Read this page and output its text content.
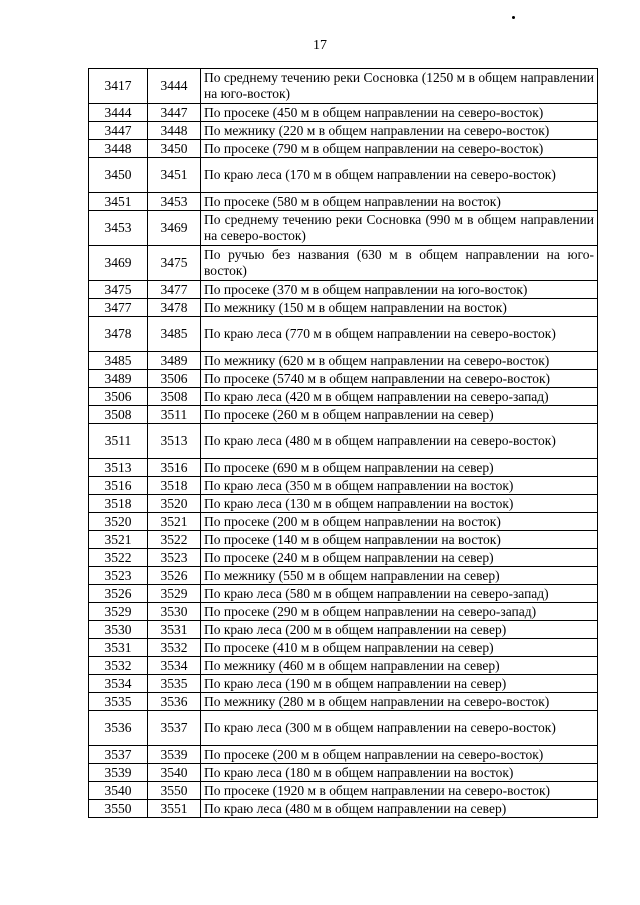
17
3417	3444	По среднему течению реки Сосновка (1250 м в общем направлении на юго-восток)
3444	3447	По просеке (450 м в общем направлении на северо-восток)
3447	3448	По межнику (220 м в общем направлении на северо-восток)
3448	3450	По просеке (790 м в общем направлении на северо-восток)
3450	3451	По краю леса (170 м в общем направлении на северо-восток)
3451	3453	По просеке (580 м в общем направлении на восток)
3453	3469	По среднему течению реки Сосновка (990 м в общем направлении на северо-восток)
3469	3475	По ручью без названия (630 м в общем направлении на юго-восток)
3475	3477	По просеке (370 м в общем направлении на юго-восток)
3477	3478	По межнику (150 м в общем направлении на восток)
3478	3485	По краю леса (770 м в общем направлении на северо-восток)
3485	3489	По межнику (620 м в общем направлении на северо-восток)
3489	3506	По просеке (5740 м в общем направлении на северо-восток)
3506	3508	По краю леса (420 м в общем направлении на северо-запад)
3508	3511	По просеке (260 м в общем направлении на север)
3511	3513	По краю леса (480 м в общем направлении на северо-восток)
3513	3516	По просеке (690 м в общем направлении на север)
3516	3518	По краю леса (350 м в общем направлении на восток)
3518	3520	По краю леса (130 м в общем направлении на восток)
3520	3521	По просеке (200 м в общем направлении на восток)
3521	3522	По просеке (140 м в общем направлении на восток)
3522	3523	По просеке (240 м в общем направлении на север)
3523	3526	По межнику (550 м в общем направлении на север)
3526	3529	По краю леса (580 м в общем направлении на северо-запад)
3529	3530	По просеке (290 м в общем направлении на северо-запад)
3530	3531	По краю леса (200 м в общем направлении на север)
3531	3532	По просеке (410 м в общем направлении на север)
3532	3534	По межнику (460 м в общем направлении на север)
3534	3535	По краю леса (190 м в общем направлении на север)
3535	3536	По межнику (280 м в общем направлении на северо-восток)
3536	3537	По краю леса (300 м в общем направлении на северо-восток)
3537	3539	По просеке (200 м в общем направлении на северо-восток)
3539	3540	По краю леса (180 м в общем направлении на восток)
3540	3550	По просеке (1920 м в общем направлении на северо-восток)
3550	3551	По краю леса (480 м в общем направлении на север)
